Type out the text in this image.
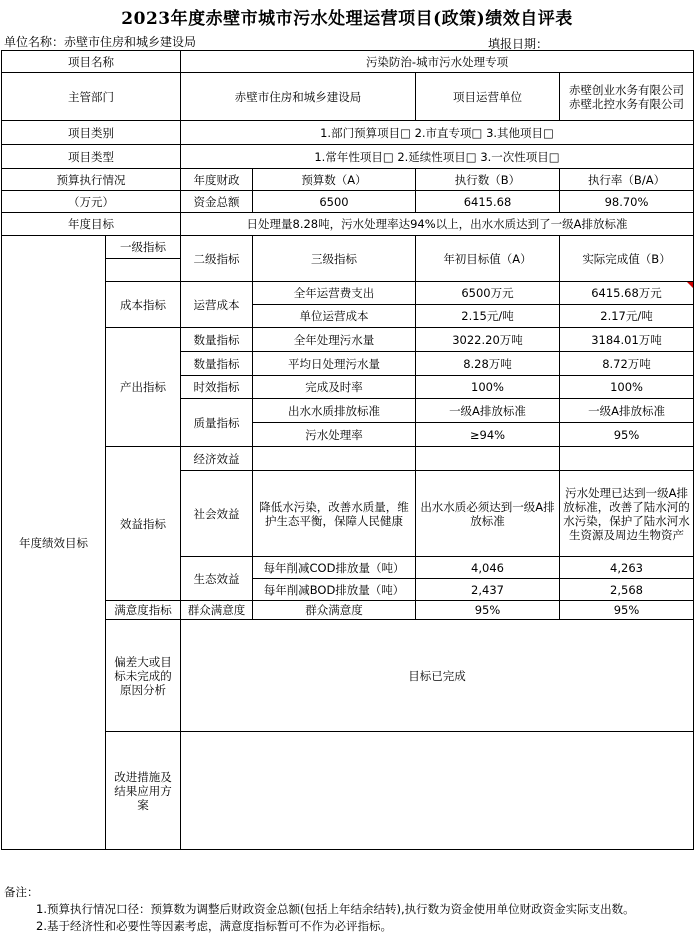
2023年度赤壁市城市污水处理运营项目(政策)绩效自评表
单位名称：赤壁市住房和城乡建设局	填报日期：
项目名称		污染防治-城市污水处理专项			
主管部门		赤壁市住房和城乡建设局		项目运营单位	赤壁创业水务有限公司
赤壁北控水务有限公司

项目类别		1.部门预算项目□ 2.市直专项□ 3.其他项目□			
项目类型		1.常年性项目□ 2.延续性项目□ 3.一次性项目□			
预算执行情况		年度财政	预算数（A）	执行数（B）	执行率（B/A）
（万元）		资金总额	6500	6415.68	98.70%
年度目标		日处理量8.28吨，污水处理率达94%以上，出水水质达到了一级A排放标准			
年度绩效目标	一级指标	二级指标	三级指标	年初目标值（A）	实际完成值（B）

	成本指标	运营成本	全年运营费支出	6500万元	6415.68万元
			单位运营成本	2.15元/吨	2.17元/吨
	产出指标	数量指标	全年处理污水量	3022.20万吨	3184.01万吨
		数量指标	平均日处理污水量	8.28万吨	8.72万吨
		时效指标	完成及时率	100%	100%
		质量指标	出水水质排放标准	一级A排放标准	一级A排放标准
			污水处理率	≥94%	95%
	效益指标	经济效益			
		社会效益	降低水污染，改善水质量，维护生态平衡，保障人民健康	出水水质必须达到一级A排放标准	污水处理已达到一级A排放标准，改善了陆水河的水污染，保护了陆水河水生资源及周边生物资产
		生态效益	每年削减COD排放量（吨）	4,046	4,263
			每年削减BOD排放量（吨）	2,437	2,568

	满意度指标	群众满意度	群众满意度	95%	95%
	偏差大或目标未完成的原因分析	目标已完成			
	改进措施及结果应用方案				
备注：
1.预算执行情况口径：预算数为调整后财政资金总额(包括上年结余结转),执行数为资金使用单位财政资金实际支出数。
2.基于经济性和必要性等因素考虑，满意度指标暂可不作为必评指标。
